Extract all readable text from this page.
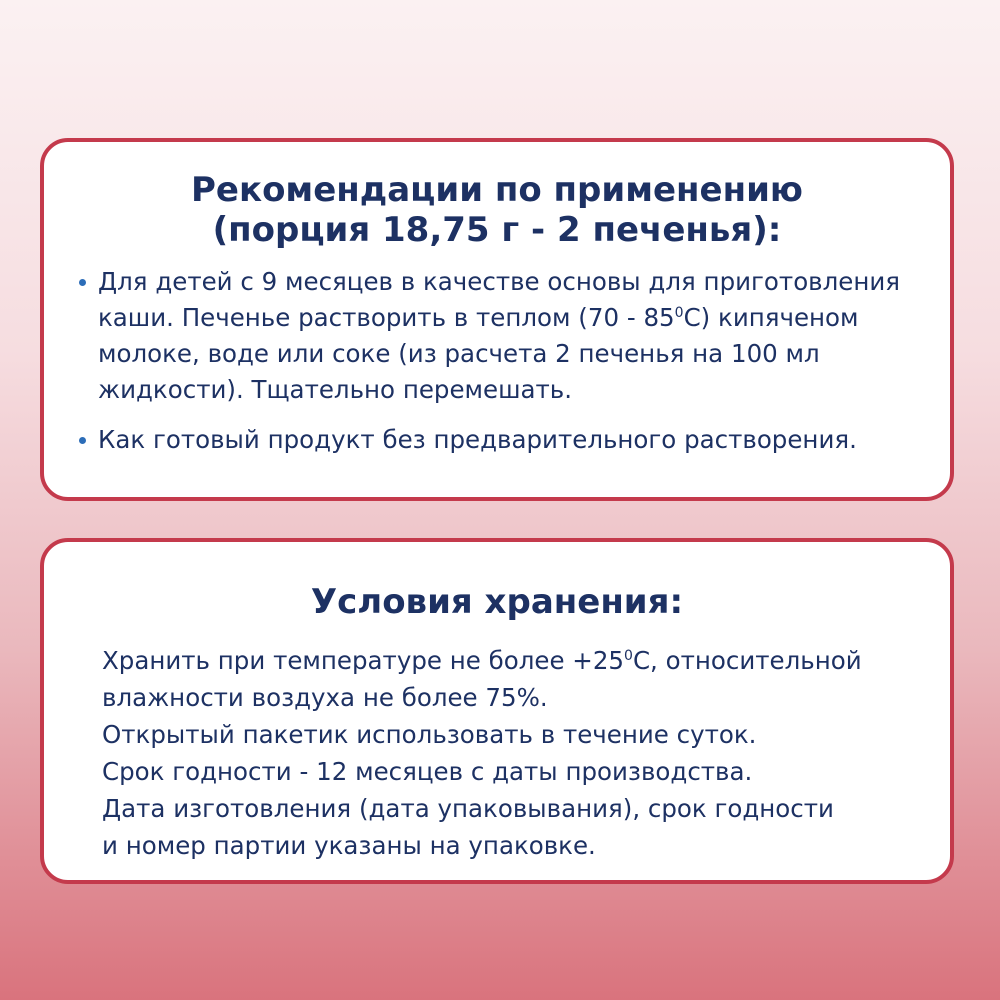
Рекомендации по применению
(порция 18,75 г - 2 печенья):
Для детей с 9 месяцев в качестве основы для приготовления каши. Печенье растворить в теплом $(70 - 85^0С)$ кипяченом молоке, воде или соке (из расчета 2 печенья на 100 мл жидкости). Тщательно перемешать.
Как готовый продукт без предварительного растворения.
Условия хранения:

Хранить при температуре не более $+25^0С$, относительной

влажности воздуха не более 75%.

Открытый пакетик использовать в течение суток.

Срок годности - 12 месяцев с даты производства.

Дата изготовления (дата упаковывания), срок годности

и номер партии указаны на упаковке.
